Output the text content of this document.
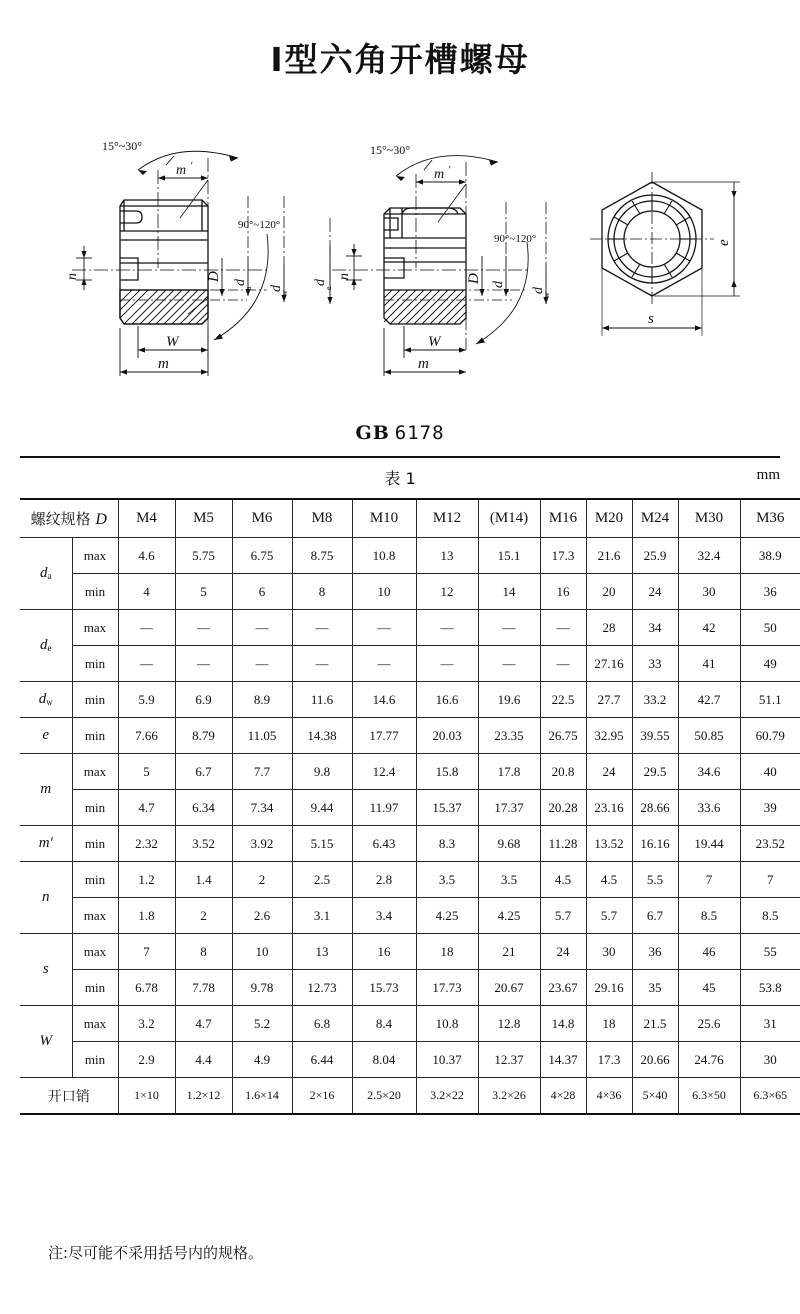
Ⅰ型六角开槽螺母
15°~30°
m ′
n	D
d
a d
w
90°~120°
W
m
15°~30°
m ′
d
e
n	D
d
a d
w
90°~120°
W
m
e
s
GB 6178
表 1	mm
螺纹规格 D		M4	M5	M6	M8	M10	M12	(M14)	M16	M20	M24	M30	M36
$d_a$	max	4.6	5.75	6.75	8.75	10.8	13	15.1	17.3	21.6	25.9	32.4	38.9
	min	4	5	6	8	10	12	14	16	20	24	30	36
$d_e$	max	—	—	—	—	—	—	—	—	28	34	42	50
	min	—	—	—	—	—	—	—	—	27.16	33	41	49
$d_w$	min	5.9	6.9	8.9	11.6	14.6	16.6	19.6	22.5	27.7	33.2	42.7	51.1
e	min	7.66	8.79	11.05	14.38	17.77	20.03	23.35	26.75	32.95	39.55	50.85	60.79
m	max	5	6.7	7.7	9.8	12.4	15.8	17.8	20.8	24	29.5	34.6	40
	min	4.7	6.34	7.34	9.44	11.97	15.37	17.37	20.28	23.16	28.66	33.6	39
m′	min	2.32	3.52	3.92	5.15	6.43	8.3	9.68	11.28	13.52	16.16	19.44	23.52
n	min	1.2	1.4	2	2.5	2.8	3.5	3.5	4.5	4.5	5.5	7	7
	max	1.8	2	2.6	3.1	3.4	4.25	4.25	5.7	5.7	6.7	8.5	8.5
s	max	7	8	10	13	16	18	21	24	30	36	46	55
	min	6.78	7.78	9.78	12.73	15.73	17.73	20.67	23.67	29.16	35	45	53.8
W	max	3.2	4.7	5.2	6.8	8.4	10.8	12.8	14.8	18	21.5	25.6	31
	min	2.9	4.4	4.9	6.44	8.04	10.37	12.37	14.37	17.3	20.66	24.76	30
开口销		1×10	1.2×12	1.6×14	2×16	2.5×20	3.2×22	3.2×26	4×28	4×36	5×40	6.3×50	6.3×65
注:尽可能不采用括号内的规格。
